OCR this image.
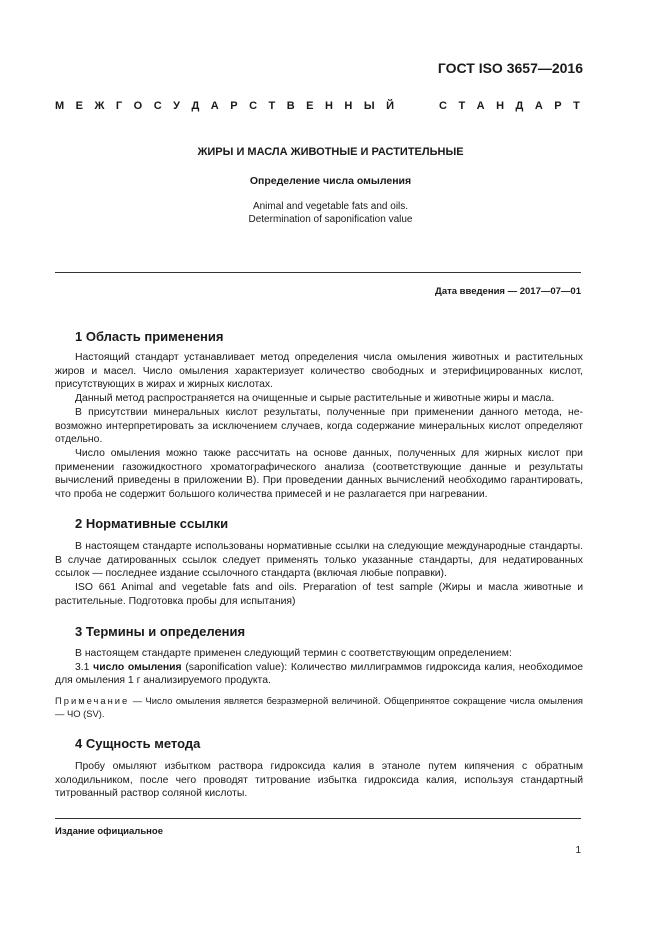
ГОСТ ISO 3657—2016
М Е Ж Г О С У Д А Р С Т В Е Н Н Ы Й	С Т А Н Д А Р Т
ЖИРЫ И МАСЛА ЖИВОТНЫЕ И РАСТИТЕЛЬНЫЕ
Определение числа омыления
Animal and vegetable fats and oils.
Determination of saponification value
Дата введения — 2017—07—01
1 Область применения

Настоящий стандарт устанавливает метод определения числа омыления животных и растительных жиров и масел. Число омыления характеризует количество свободных и этерифицированных кислот, присутствующих в жирах и жирных кислотах.

Данный метод распространяется на очищенные и сырые растительные и животные жиры и масла.

В присутствии минеральных кислот результаты, полученные при применении данного метода, невозможно интерпретировать за исключением случаев, когда содержание минеральных кислот определяют отдельно.

Число омыления можно также рассчитать на основе данных, полученных для жирных кислот при применении газожидкостного хроматографического анализа (соответствующие данные и результаты вычислений приведены в приложении В). При проведении данных вычислений необходимо гарантировать, что проба не содержит большого количества примесей и не разлагается при нагревании.

2 Нормативные ссылки

В настоящем стандарте использованы нормативные ссылки на следующие международные стандарты. В случае датированных ссылок следует применять только указанные стандарты, для недатированных ссылок — последнее издание ссылочного стандарта (включая любые поправки).

ISO 661 Animal and vegetable fats and oils. Preparation of test sample (Жиры и масла животные и растительные. Подготовка пробы для испытания)

3 Термины и определения

В настоящем стандарте применен следующий термин с соответствующим определением:

3.1 число омыления (saponification value): Количество миллиграммов гидроксида калия, необходимое для омыления 1 г анализируемого продукта.

Примечание — Число омыления является безразмерной величиной. Общепринятое сокращение числа омыления — ЧО (SV).

4 Сущность метода

Пробу омыляют избытком раствора гидроксида калия в этаноле путем кипячения с обратным холодильником, после чего проводят титрование избытка гидроксида калия, используя стандартный титрованный раствор соляной кислоты.

Издание официальное
1
